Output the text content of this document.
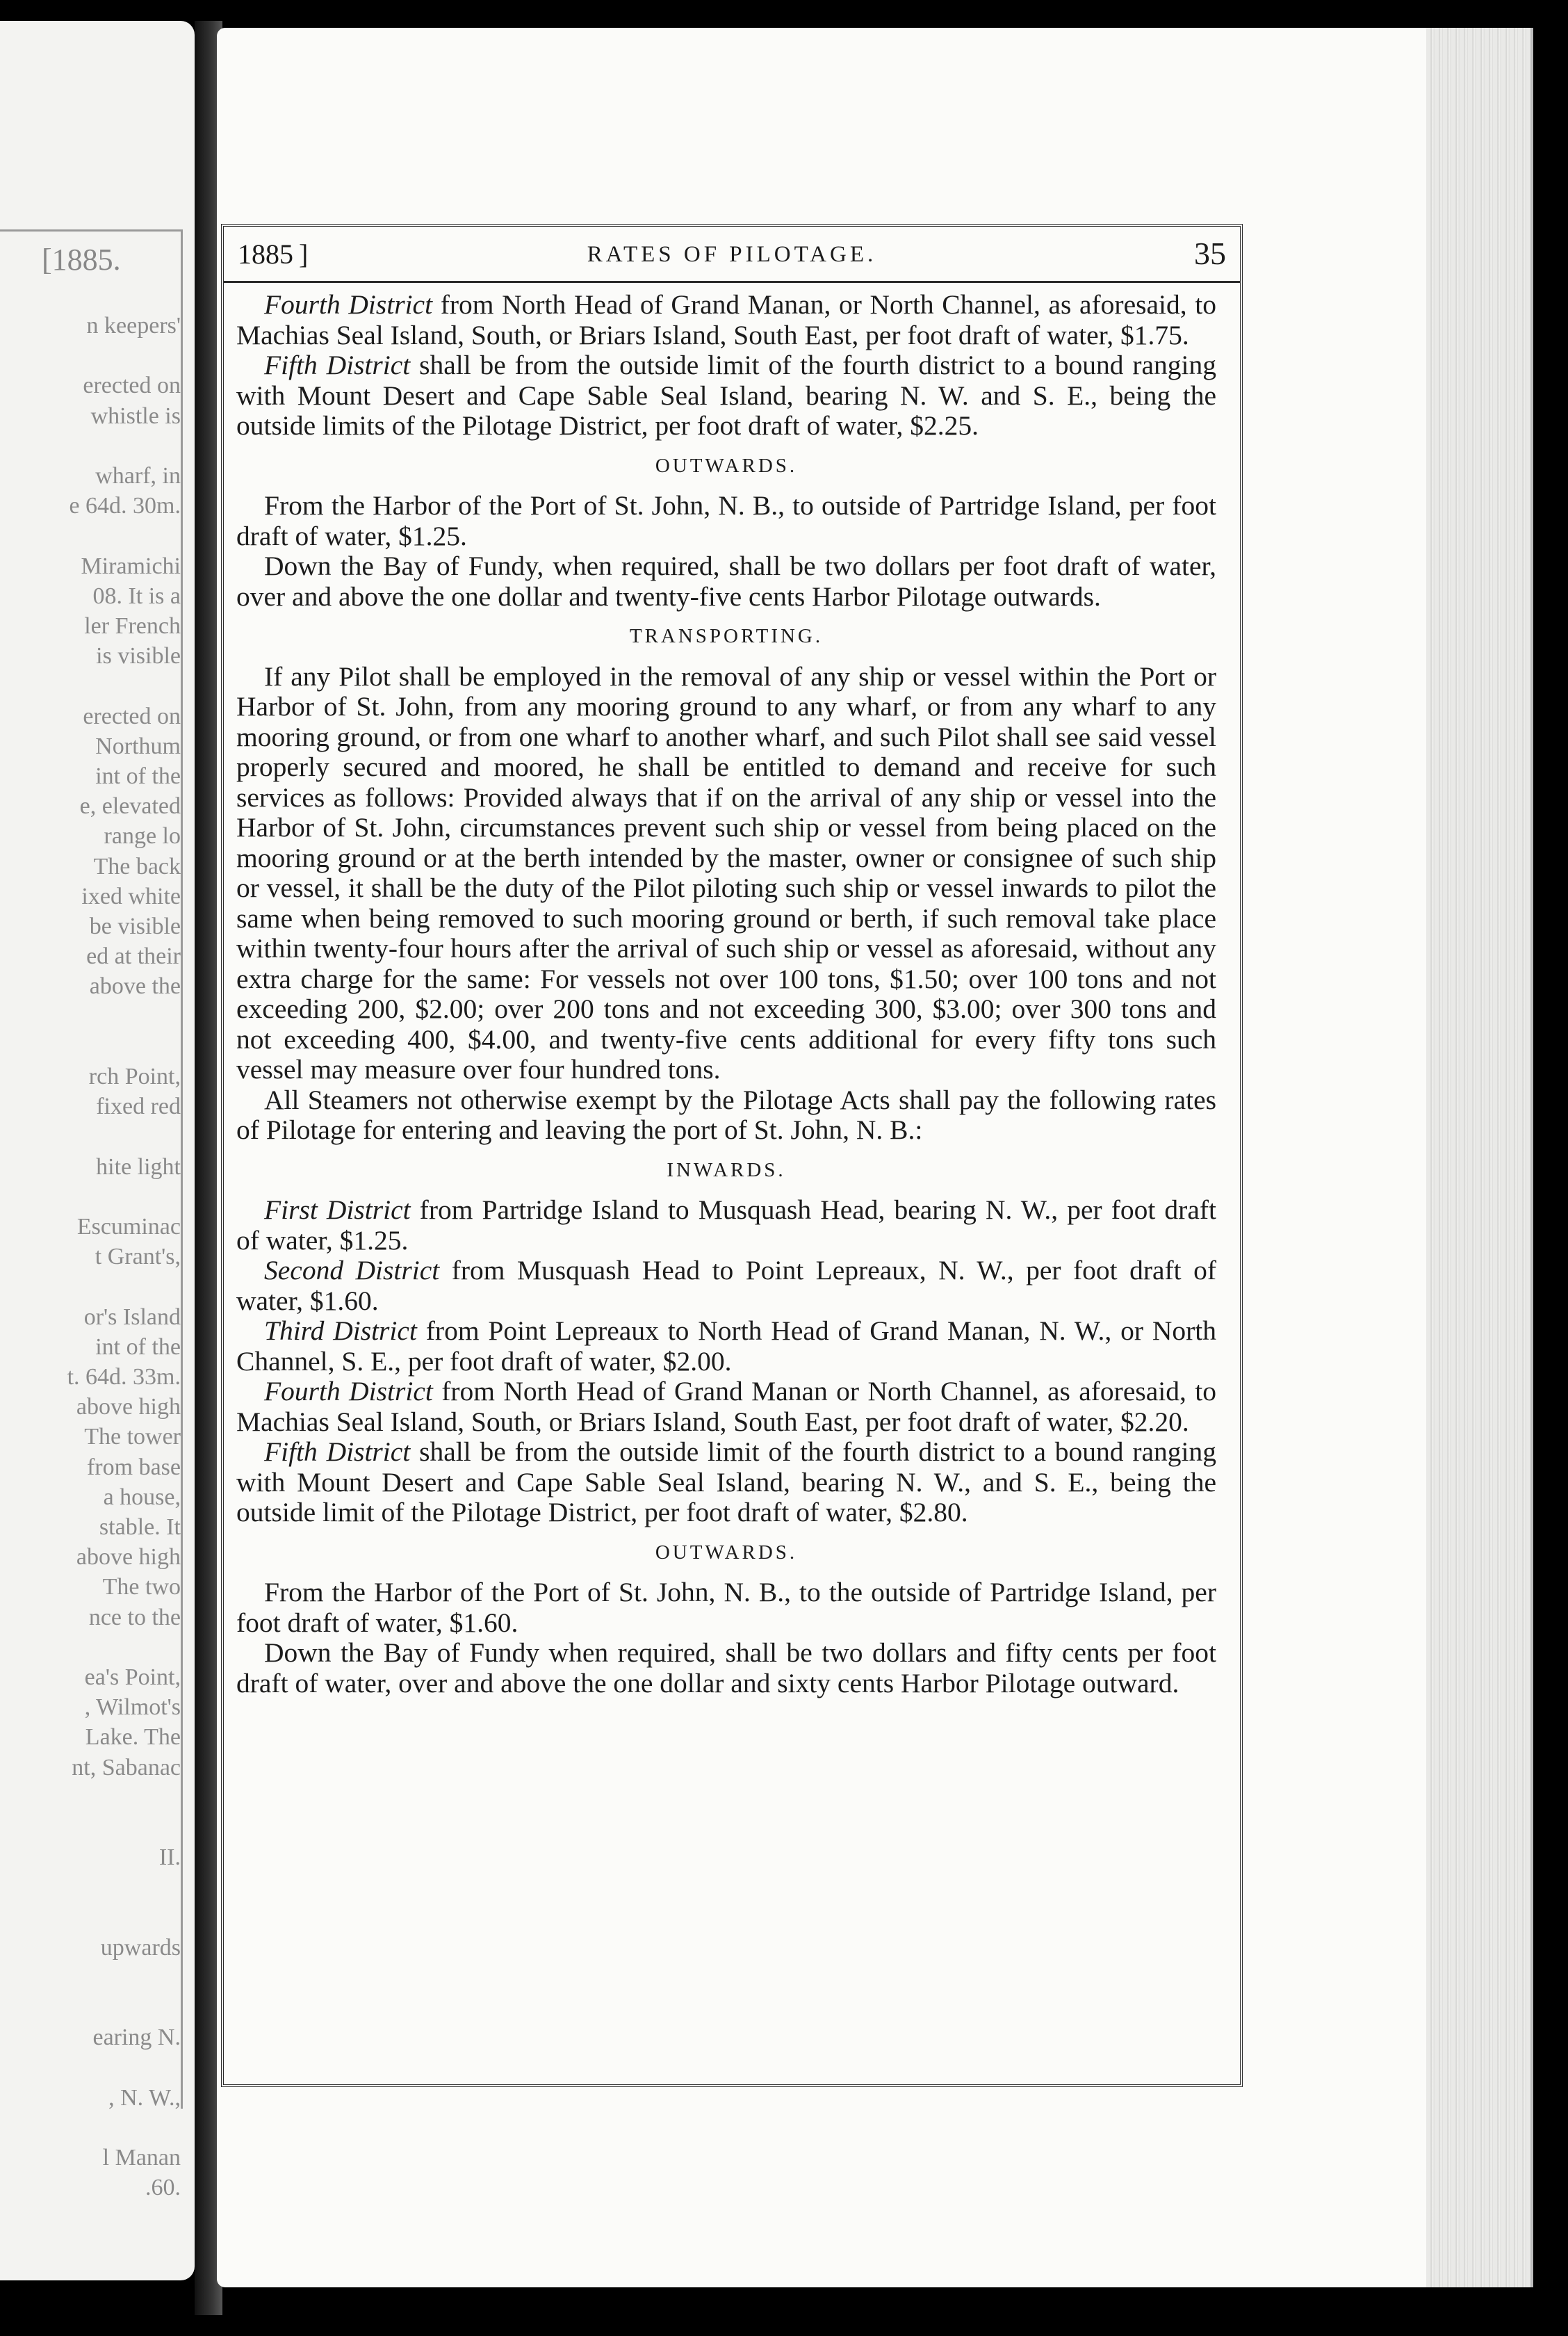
[1885.
n keepers'
erected on
whistle is
wharf, in
e 64d. 30m.
Miramichi
08. It is a
ler French
is visible
erected on
Northum
int of the
e, elevated
range lo
The back
ixed white
be visible
ed at their
above the
rch Point,
fixed red
hite light
Escuminac
t Grant's,
or's Island
int of the
t. 64d. 33m.
above high
The tower
from base
a house,
stable. It
above high
The two
nce to the
ea's Point,
, Wilmot's
Lake. The
nt, Sabanac
II.
upwards
earing N.
, N. W.,
l Manan
.60.
1885 ]	RATES OF PILOTAGE.	35

Fourth District from North Head of Grand Manan, or North Channel, as aforesaid, to Machias Seal Island, South, or Briars Island, South East, per foot draft of water, $1.75.

Fifth District shall be from the outside limit of the fourth district to a bound ranging with Mount Desert and Cape Sable Seal Island, bearing N. W. and S. E., being the outside limits of the Pilotage District, per foot draft of water, $2.25.

OUTWARDS.

From the Harbor of the Port of St. John, N. B., to outside of Partridge Island, per foot draft of water, $1.25.

Down the Bay of Fundy, when required, shall be two dollars per foot draft of water, over and above the one dollar and twenty-five cents Harbor Pilotage outwards.

TRANSPORTING.

If any Pilot shall be employed in the removal of any ship or vessel within the Port or Harbor of St. John, from any mooring ground to any wharf, or from any wharf to any mooring ground, or from one wharf to another wharf, and such Pilot shall see said vessel properly secured and moored, he shall be entitled to demand and receive for such services as follows: Provided always that if on the arrival of any ship or vessel into the Harbor of St. John, circumstances prevent such ship or vessel from being placed on the mooring ground or at the berth intended by the master, owner or consignee of such ship or vessel, it shall be the duty of the Pilot piloting such ship or vessel inwards to pilot the same when being removed to such mooring ground or berth, if such removal take place within twenty-four hours after the arrival of such ship or vessel as aforesaid, without any extra charge for the same: For vessels not over 100 tons, $1.50; over 100 tons and not exceeding 200, $2.00; over 200 tons and not exceeding 300, $3.00; over 300 tons and not exceeding 400, $4.00, and twenty-five cents additional for every fifty tons such vessel may measure over four hundred tons.

All Steamers not otherwise exempt by the Pilotage Acts shall pay the following rates of Pilotage for entering and leaving the port of St. John, N. B.:

INWARDS.

First District from Partridge Island to Musquash Head, bearing N. W., per foot draft of water, $1.25.

Second District from Musquash Head to Point Lepreaux, N. W., per foot draft of water, $1.60.

Third District from Point Lepreaux to North Head of Grand Manan, N. W., or North Channel, S. E., per foot draft of water, $2.00.

Fourth District from North Head of Grand Manan or North Channel, as aforesaid, to Machias Seal Island, South, or Briars Island, South East, per foot draft of water, $2.20.

Fifth District shall be from the outside limit of the fourth district to a bound ranging with Mount Desert and Cape Sable Seal Island, bearing N. W., and S. E., being the outside limit of the Pilotage District, per foot draft of water, $2.80.

OUTWARDS.

From the Harbor of the Port of St. John, N. B., to the outside of Partridge Island, per foot draft of water, $1.60.

Down the Bay of Fundy when required, shall be two dollars and fifty cents per foot draft of water, over and above the one dollar and sixty cents Harbor Pilotage outward.
